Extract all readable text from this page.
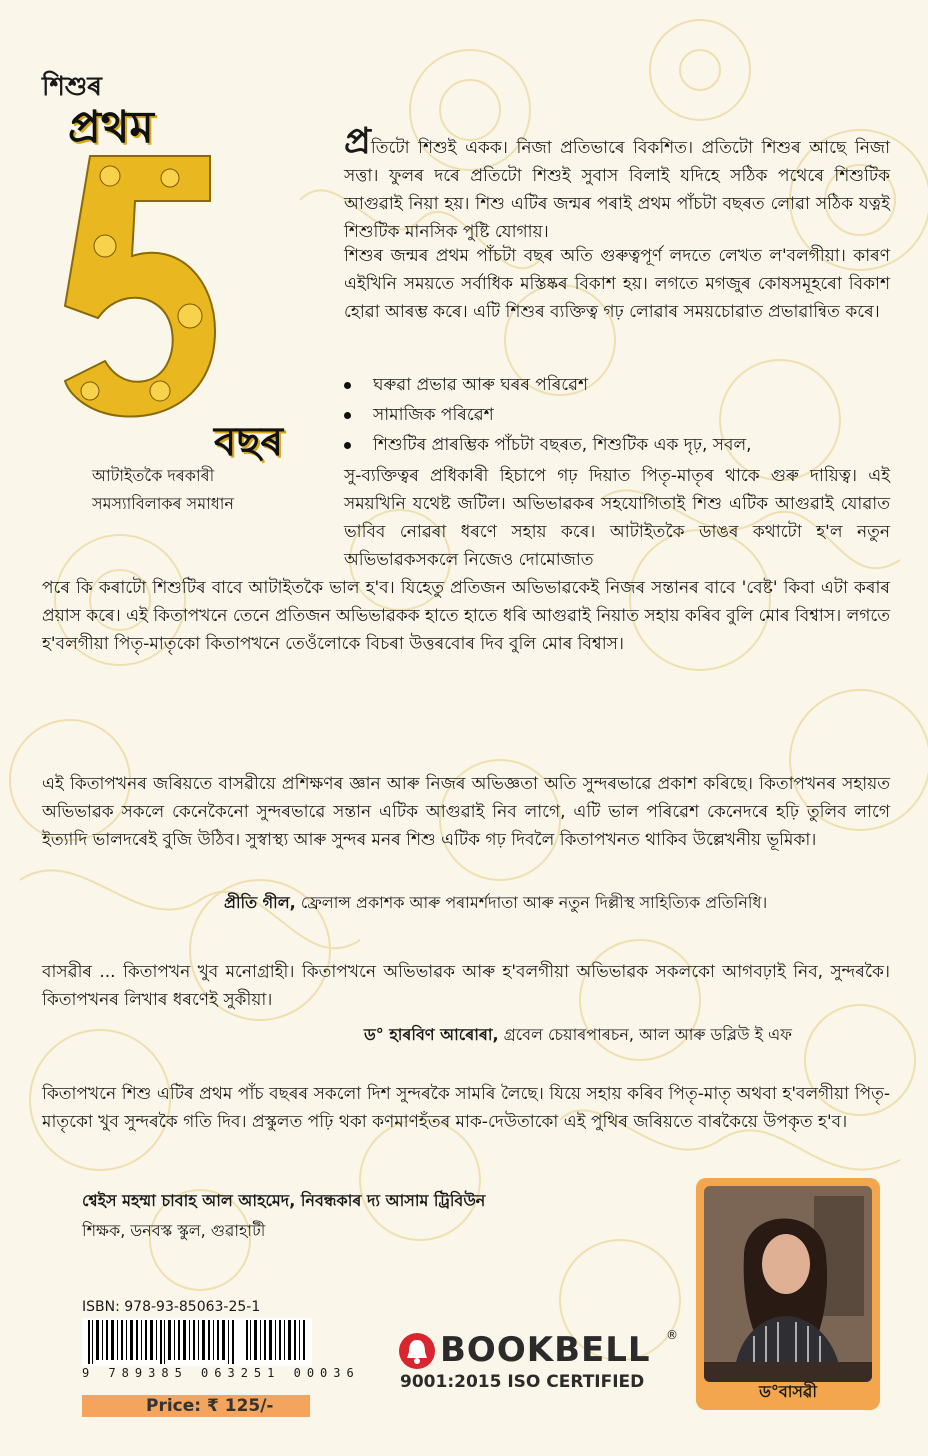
শিশুৰ
প্ৰথম
বছৰ
আটাইতকৈ দৰকাৰী
সমস্যাবিলাকৰ সমাধান
প্ৰতিটো শিশুই একক। নিজা প্ৰতিভাৰে বিকশিত। প্ৰতিটো শিশুৰ আছে নিজা সত্তা। ফুলৰ দৰে প্ৰতিটো শিশুই সুবাস বিলাই যদিহে সঠিক পথেৰে শিশুটিক আগুৱাই নিয়া হয়। শিশু এটিৰ জন্মৰ পৰাই প্ৰথম পাঁচটা বছৰত লোৱা সঠিক যত্নই শিশুটিক মানসিক পুষ্টি যোগায়।
শিশুৰ জন্মৰ প্ৰথম পাঁচটা বছৰ অতি গুৰুত্বপূৰ্ণ লদতে লেখত ল'বলগীয়া। কাৰণ এইখিনি সময়তে সৰ্বাধিক মস্তিষ্কৰ বিকাশ হয়। লগতে মগজুৰ কোষসমূহৰো বিকাশ হোৱা আৰম্ভ কৰে। এটি শিশুৰ ব্যক্তিত্ব গঢ় লোৱাৰ সময়চোৱাত প্ৰভাৱান্বিত কৰে।
ঘৰুৱা প্ৰভাৱ আৰু ঘৰৰ পৰিৱেশ
সামাজিক পৰিৱেশ
শিশুটিৰ প্ৰাৰম্ভিক পাঁচটা বছৰত, শিশুটিক এক দৃঢ়, সবল,
সু-ব্যক্তিত্বৰ প্ৰধিকাৰী হিচাপে গঢ় দিয়াত পিতৃ-মাতৃৰ থাকে গুৰু দায়িত্ব। এই সময়খিনি যথেষ্ট জটিল। অভিভাৱকৰ সহযোগিতাই শিশু এটিক আগুৱাই যোৱাত ভাবিব নোৱৰা ধৰণে সহায় কৰে। আটাইতকৈ ডাঙৰ কথাটো হ'ল নতুন অভিভাৱকসকলে নিজেও দোমোজাত
পৰে কি কৰাটো শিশুটিৰ বাবে আটাইতকৈ ভাল হ'ব। যিহেতু প্ৰতিজন অভিভাৱকেই নিজৰ সন্তানৰ বাবে 'বেষ্ট' কিবা এটা কৰাৰ প্ৰয়াস কৰে। এই কিতাপখনে তেনে প্ৰতিজন অভিভাৱকক হাতে হাতে ধৰি আগুৱাই নিয়াত সহায় কৰিব বুলি মোৰ বিশ্বাস। লগতে হ'বলগীয়া পিতৃ-মাতৃকো কিতাপখনে তেওঁলোকে বিচৰা উত্তৰবোৰ দিব বুলি মোৰ বিশ্বাস।
এই কিতাপখনৰ জৰিয়তে বাসৱীয়ে প্ৰশিক্ষণৰ জ্ঞান আৰু নিজৰ অভিজ্ঞতা অতি সুন্দৰভাৱে প্ৰকাশ কৰিছে। কিতাপখনৰ সহায়ত অভিভাৱক সকলে কেনেকৈনো সুন্দৰভাৱে সন্তান এটিক আগুৱাই নিব লাগে, এটি ভাল পৰিৱেশ কেনেদৰে হঢ়ি তুলিব লাগে ইত্যাদি ভালদৰেই বুজি উঠিব। সুস্বাস্থ্য আৰু সুন্দৰ মনৰ শিশু এটিক গঢ় দিবলৈ কিতাপখনত থাকিব উল্লেখনীয় ভূমিকা।
প্ৰীতি গীল, ফ্ৰেলান্স প্ৰকাশক আৰু পৰামৰ্শদাতা আৰু নতুন দিল্লীস্থ সাহিত্যিক প্ৰতিনিধি।
বাসৱীৰ ... কিতাপখন খুব মনোগ্ৰাহী। কিতাপখনে অভিভাৱক আৰু হ'বলগীয়া অভিভাৱক সকলকো আগবঢ়াই নিব, সুন্দৰকৈ। কিতাপখনৰ লিখাৰ ধৰণেই সুকীয়া।
ড° হাৰবিণ আৰোৰা, গ্ৰবেল চেয়াৰপাৰচন, আল আৰু ডব্লিউ ই এফ
কিতাপখনে শিশু এটিৰ প্ৰথম পাঁচ বছৰৰ সকলো দিশ সুন্দৰকৈ সামৰি লৈছে। যিয়ে সহায় কৰিব পিতৃ-মাতৃ অথবা হ'বলগীয়া পিতৃ-মাতৃকো খুব সুন্দৰকৈ গতি দিব। প্ৰস্কুলত পঢ়ি থকা কণমাণহঁতৰ মাক-দেউতাকো এই পুথিৰ জৰিয়তে বাৰকৈয়ে উপকৃত হ'ব।
শ্বেইস মহম্মা চাবাহ আল আহমেদ, নিবন্ধকাৰ দ্য আসাম ট্ৰিবিউন
শিক্ষক, ডনবস্ক স্কুল, গুৱাহাটী
ISBN: 978-93-85063-25-1
9 789385 063251 00036
Price: ₹ 125/-
BOOKBELL ®
9001:2015 ISO CERTIFIED	ড°বাসৱী
